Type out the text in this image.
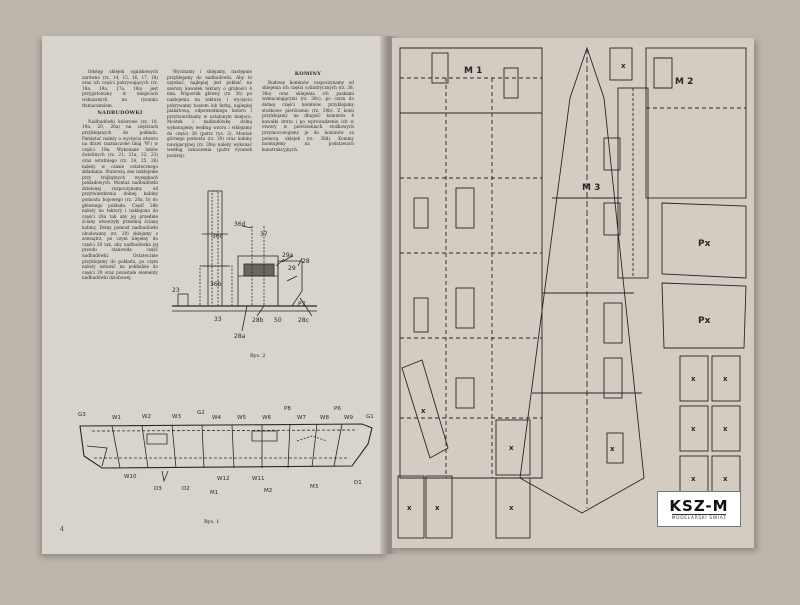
Odstęp sklejek ogniskowych zarówno (rz. 14, 15, 16, 17, 18) oraz ich części pokrywających (rz. 18a, 19a, 17a, 18a) jest przygotowany w miejscach wskazanych na rysunku tłumaczeniem.

NADBUDÓWKI

Nadbudówki kolorowe (rz. 18, 19a, 20, 20a) na częściach przyklejanych do pokładu. Pamiętać należy o wycięciu otworu na drzwi (zaznaczone linią 'W') w części 19a. Wykonane luków świetlnych (rz. 21, 21a, 22, 23) oraz ostatniego (rz. 24, 25, 26) należy w czasie ostatecznego składania. Stanowią one naklejenie przy trójkątnych wysepkach pokładowych. Montaż nadbudówki dzielonej rozpoczynamy od przytwierdzenia dolnej kabiny pomostu bojowego (rz. 28a, b) do głównego pokładu. Część 28b należy na tektury i naklejona do części 28a tak aby jej przednie ściany utworzyły przednią ścianę kabiny. Dolny pomost nadbudówki obudowany (rz. 28) sklejamy z zewnątrz, po czym klejemy do części 28 tak, aby nadbudówka jej przodu stanowiła część nadbudówki. Ostatecznie przyklejamy do pokładu, po czym należy ustawić na pokładzie do części 29 oraz pozostałe elementy nadbudówki dziobowej.

Wycinamy i sklejamy, następnie przyklejamy do nadbudówki. Aby to uzyskać, najlepiej jest pokleić na szerszy kawałek tektury o grubości 4 mm. Wspornik główny (rz. 36) po naklejeniu na tekturę i wycięciu pokrywamy tuszem lub farbą, najlepiej plakatową, odpowiedniego koloru i przytwierdzamy w ustalonym miejscu. Mostek i nadbudówkę dolną wykonujemy według wzoru i wklejamy do części 38 (patrz rys. 2). Montaż górnego pomostu (rz. 30) oraz kabiny nawigacyjnej (rz. 38a) należy wykonać według oznaczenia (patrz rysunek poniżej).

KOMINY

Budowę kominów rozpoczynamy od sklejenia ich części cylindrycznych (rz. 38, 38a) oraz sklejenia ich paskami wzmacniającymi (rz. 38c), po czym do dolnej części kominów przyklejamy stożkowe pierścienie (rz. 39b). Z kolei przyklejamy na długość kominów 4 kawałki drutu i po wprowadzeniu ich w otwory w pierścieniach stożkowych przymocowujemy je do kominów za pomocą sklejek (rz. 38d). Kominy montujemy na podstawach konstrukcyjnych.

36d
36c	37
29a
29
28
23
36b
33	28b 50	28c
P7
28a
Rys. 2
G3	W1	W2	W3
G2
W4	W5	W6
P8
W7	W8
P6
W9 G1
W10	W12	W11
M2
M3
D1
D3	D2
M1
Rys. 1
4
M 1
M 2
M 3
Px
Px
x
x	x
x	x
x	x
x
x	x
x
x
x
KSZ-M
MODELARSKI ŚWIAT
